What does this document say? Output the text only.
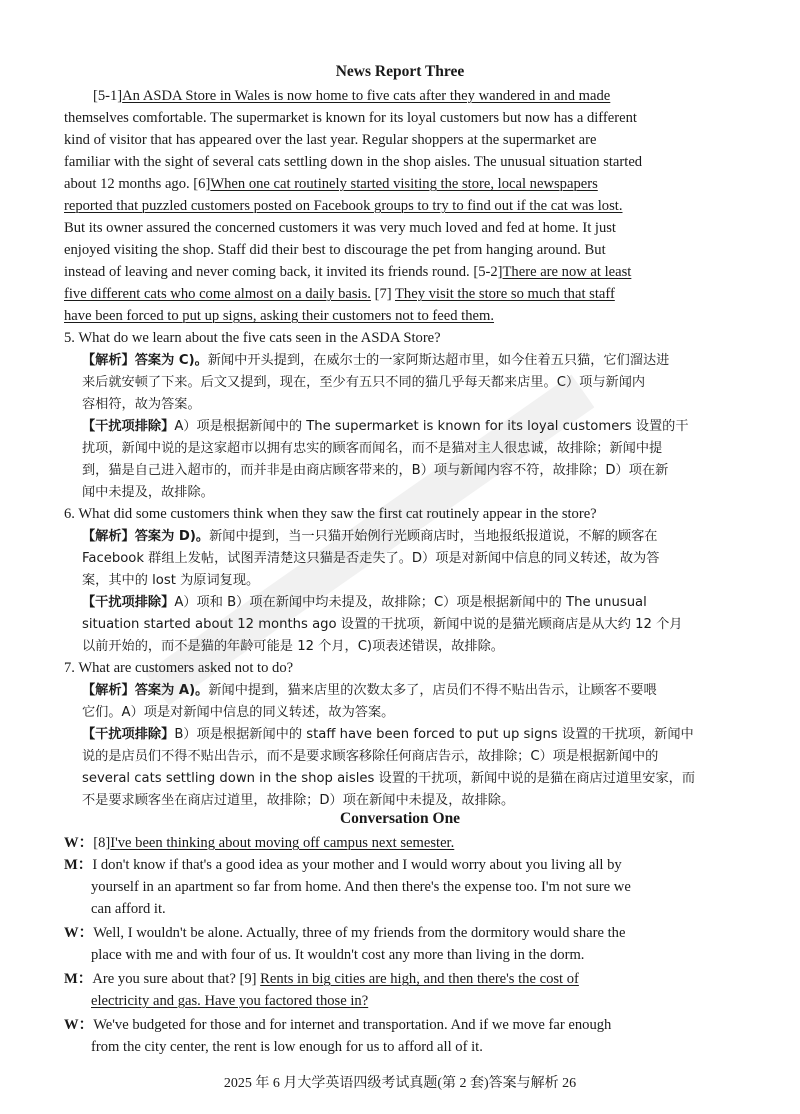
News Report Three
[5-1]An ASDA Store in Wales is now home to five cats after they wandered in and made
themselves comfortable. The supermarket is known for its loyal customers but now has a different
kind of visitor that has appeared over the last year. Regular shoppers at the supermarket are
familiar with the sight of several cats settling down in the shop aisles. The unusual situation started
about 12 months ago. [6]When one cat routinely started visiting the store, local newspapers
reported that puzzled customers posted on Facebook groups to try to find out if the cat was lost.
But its owner assured the concerned customers it was very much loved and fed at home. It just
enjoyed visiting the shop. Staff did their best to discourage the pet from hanging around. But
instead of leaving and never coming back, it invited its friends round. [5-2]There are now at least
five different cats who come almost on a daily basis. [7] They visit the store so much that staff
have been forced to put up signs, asking their customers not to feed them.
5. What do we learn about the five cats seen in the ASDA Store?
【解析】答案为 C)。新闻中开头提到，在威尔士的一家阿斯达超市里，如今住着五只猫，它们溜达进
来后就安顿了下来。后文又提到，现在，至少有五只不同的猫几乎每天都来店里。C）项与新闻内
容相符，故为答案。
【干扰项排除】A）项是根据新闻中的 The supermarket is known for its loyal customers 设置的干
扰项，新闻中说的是这家超市以拥有忠实的顾客而闻名，而不是猫对主人很忠诚，故排除；新闻中提
到，猫是自己进入超市的，而并非是由商店顾客带来的，B）项与新闻内容不符，故排除；D）项在新
闻中未提及，故排除。
6. What did some customers think when they saw the first cat routinely appear in the store?
【解析】答案为 D)。新闻中提到，当一只猫开始例行光顾商店时，当地报纸报道说，不解的顾客在
Facebook 群组上发帖，试图弄清楚这只猫是否走失了。D）项是对新闻中信息的同义转述，故为答
案，其中的 lost 为原词复现。
【干扰项排除】A）项和 B）项在新闻中均未提及，故排除；C）项是根据新闻中的 The unusual
situation started about 12 months ago 设置的干扰项，新闻中说的是猫光顾商店是从大约 12 个月
以前开始的，而不是猫的年龄可能是 12 个月，C)项表述错误，故排除。
7. What are customers asked not to do?
【解析】答案为 A)。新闻中提到，猫来店里的次数太多了，店员们不得不贴出告示，让顾客不要喂
它们。A）项是对新闻中信息的同义转述，故为答案。
【干扰项排除】B）项是根据新闻中的 staff have been forced to put up signs 设置的干扰项，新闻中
说的是店员们不得不贴出告示，而不是要求顾客移除任何商店告示，故排除；C）项是根据新闻中的
several cats settling down in the shop aisles 设置的干扰项，新闻中说的是猫在商店过道里安家，而
不是要求顾客坐在商店过道里，故排除；D）项在新闻中未提及，故排除。
Conversation One
W：[8]I've been thinking about moving off campus next semester.
M：I don't know if that's a good idea as your mother and I would worry about you living all by
yourself in an apartment so far from home. And then there's the expense too. I'm not sure we
can afford it.
W：Well, I wouldn't be alone. Actually, three of my friends from the dormitory would share the
place with me and with four of us. It wouldn't cost any more than living in the dorm.
M：Are you sure about that? [9] Rents in big cities are high, and then there's the cost of
electricity and gas. Have you factored those in?
W：We've budgeted for those and for internet and transportation. And if we move far enough
from the city center, the rent is low enough for us to afford all of it.
2025 年 6 月大学英语四级考试真题(第 2 套)答案与解析 26
